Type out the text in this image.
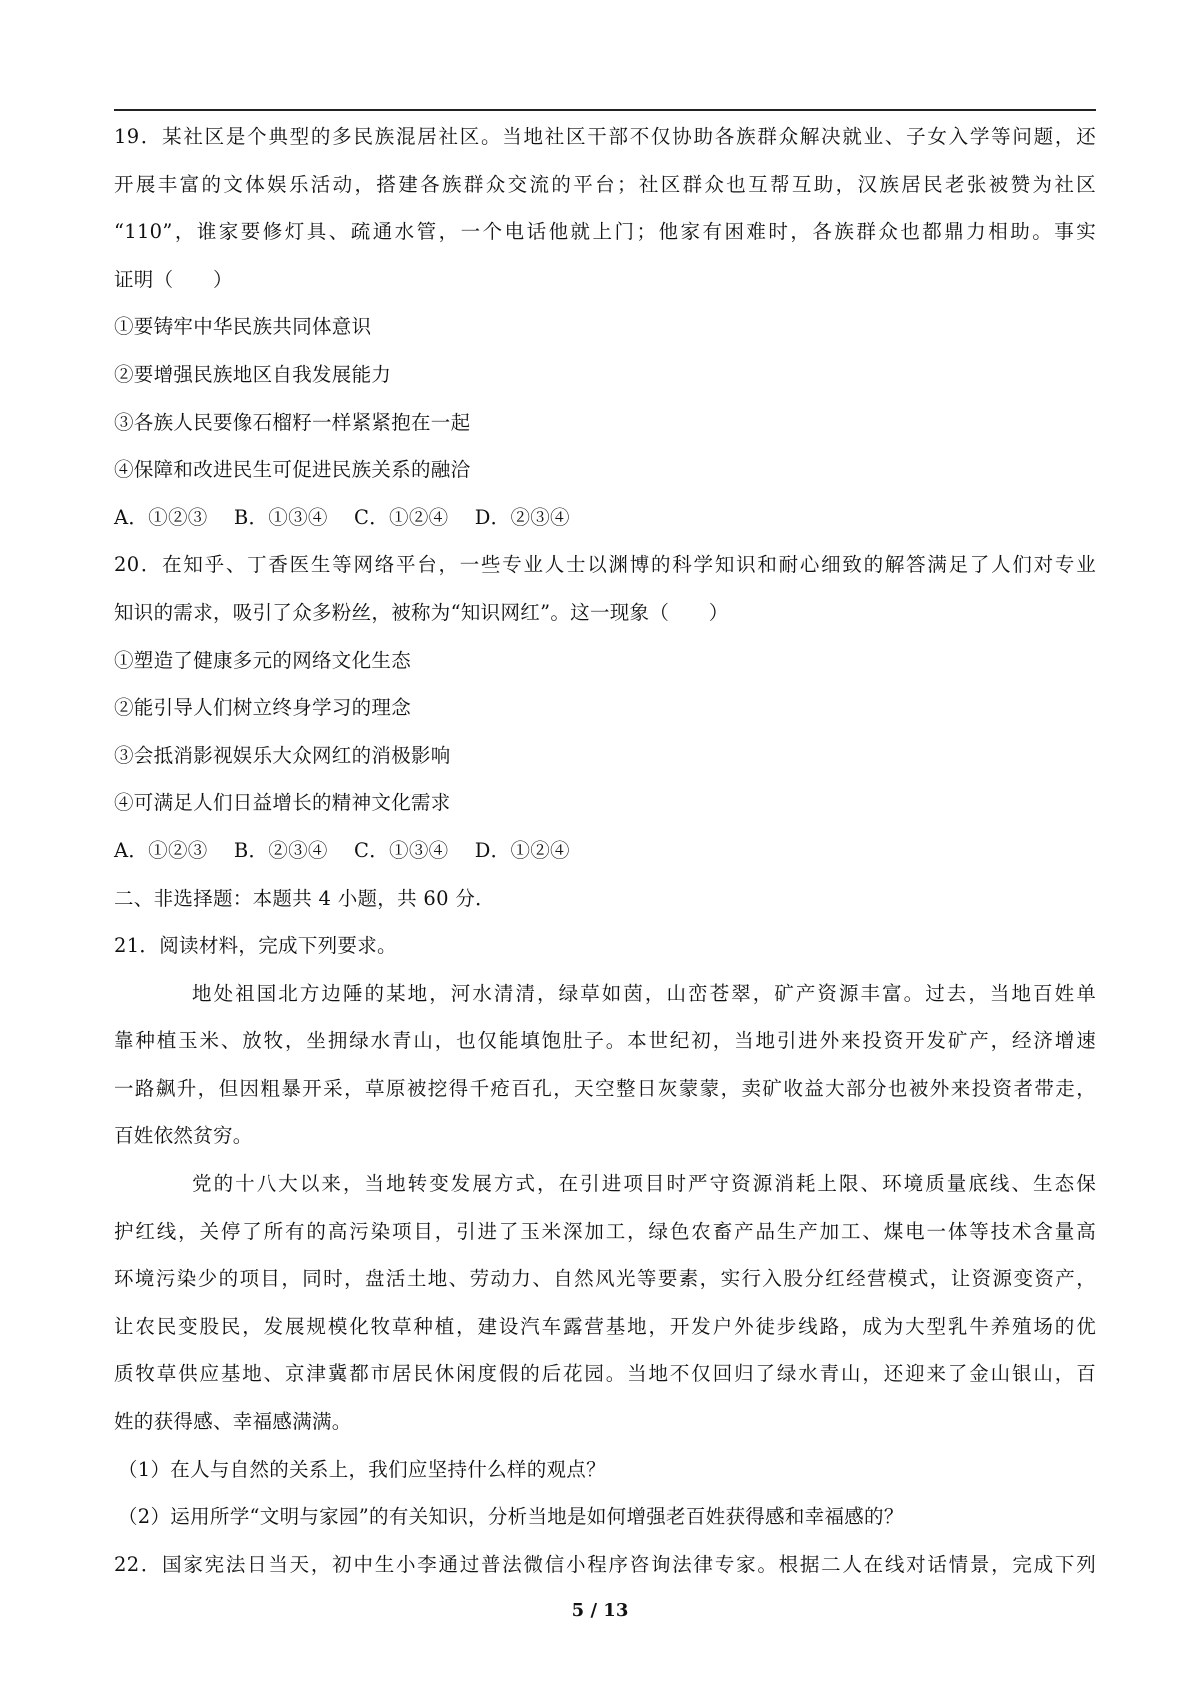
19．某社区是个典型的多民族混居社区。当地社区干部不仅协助各族群众解决就业、子女入学等问题，还
开展丰富的文体娱乐活动，搭建各族群众交流的平台；社区群众也互帮互助，汉族居民老张被赞为社区
“110”，谁家要修灯具、疏通水管，一个电话他就上门；他家有困难时，各族群众也都鼎力相助。事实
证明（　　）
①要铸牢中华民族共同体意识
②要增强民族地区自我发展能力
③各族人民要像石榴籽一样紧紧抱在一起
④保障和改进民生可促进民族关系的融洽
A．①②③　 B．①③④　 C．①②④　 D．②③④
20．在知乎、丁香医生等网络平台，一些专业人士以渊博的科学知识和耐心细致的解答满足了人们对专业
知识的需求，吸引了众多粉丝，被称为“知识网红”。这一现象（　　）
①塑造了健康多元的网络文化生态
②能引导人们树立终身学习的理念
③会抵消影视娱乐大众网红的消极影响
④可满足人们日益增长的精神文化需求
A．①②③　 B．②③④　 C．①③④　 D．①②④
二、非选择题：本题共 4 小题，共 60 分．
21．阅读材料，完成下列要求。
地处祖国北方边陲的某地，河水清清，绿草如茵，山峦苍翠，矿产资源丰富。过去，当地百姓单
靠种植玉米、放牧，坐拥绿水青山，也仅能填饱肚子。本世纪初，当地引进外来投资开发矿产，经济增速
一路飙升，但因粗暴开采，草原被挖得千疮百孔，天空整日灰蒙蒙，卖矿收益大部分也被外来投资者带走，
百姓依然贫穷。
党的十八大以来，当地转变发展方式，在引进项目时严守资源消耗上限、环境质量底线、生态保
护红线，关停了所有的高污染项目，引进了玉米深加工，绿色农畜产品生产加工、煤电一体等技术含量高
环境污染少的项目，同时，盘活土地、劳动力、自然风光等要素，实行入股分红经营模式，让资源变资产，
让农民变股民，发展规模化牧草种植，建设汽车露营基地，开发户外徒步线路，成为大型乳牛养殖场的优
质牧草供应基地、京津冀都市居民休闲度假的后花园。当地不仅回归了绿水青山，还迎来了金山银山，百
姓的获得感、幸福感满满。
（1）在人与自然的关系上，我们应坚持什么样的观点？
（2）运用所学“文明与家园”的有关知识，分析当地是如何增强老百姓获得感和幸福感的？
22．国家宪法日当天，初中生小李通过普法微信小程序咨询法律专家。根据二人在线对话情景，完成下列
5 / 13
